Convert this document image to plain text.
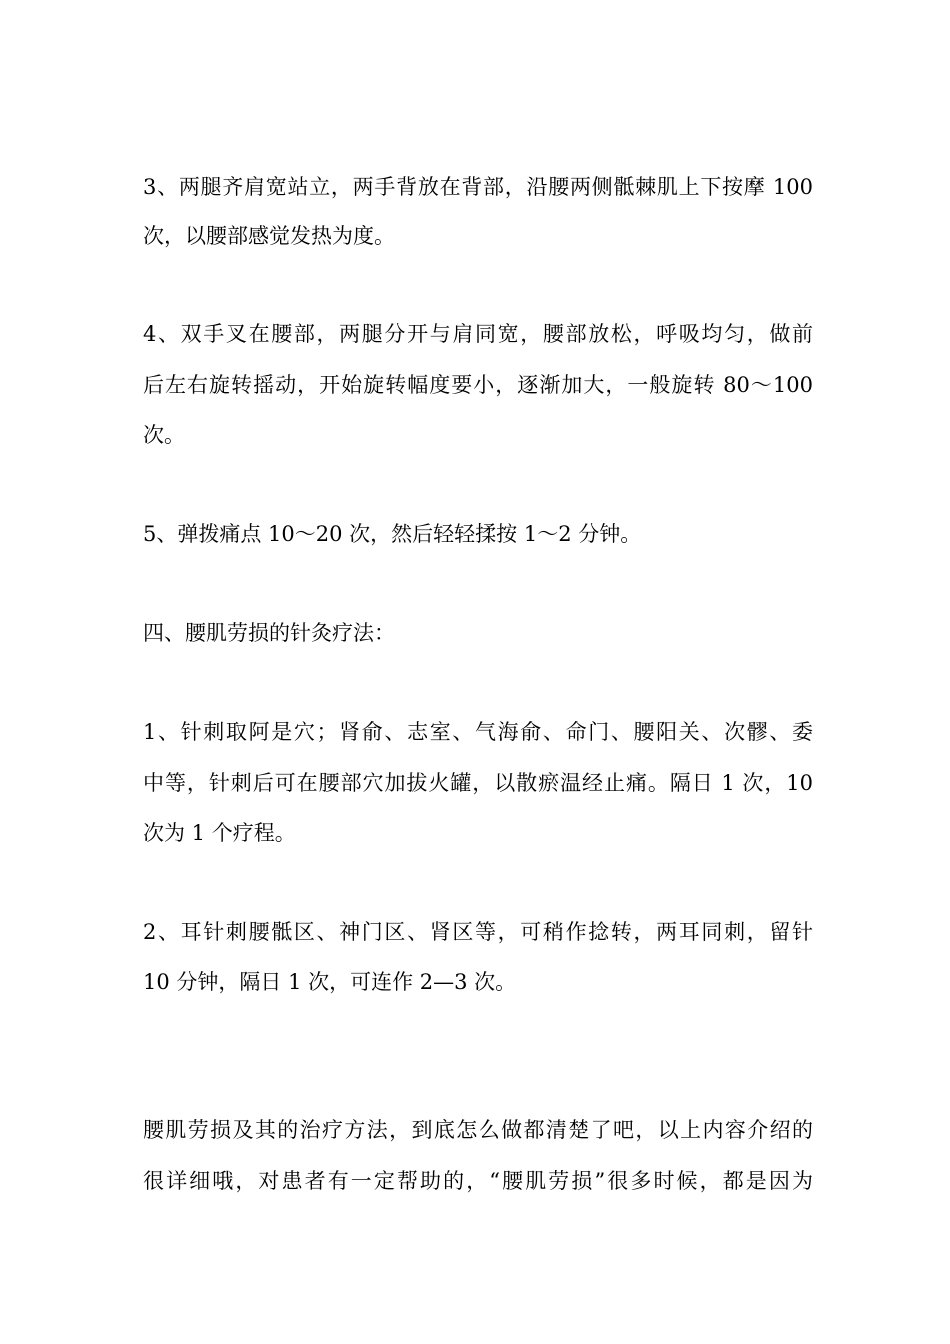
3、两腿齐肩宽站立，两手背放在背部，沿腰两侧骶棘肌上下按摩 100

次，以腰部感觉发热为度。

4、双手叉在腰部，两腿分开与肩同宽，腰部放松，呼吸均匀，做前

后左右旋转摇动，开始旋转幅度要小，逐渐加大，一般旋转 80～100

次。

5、弹拨痛点 10～20 次，然后轻轻揉按 1～2 分钟。

四、腰肌劳损的针灸疗法：

1、针刺取阿是穴；肾俞、志室、气海俞、命门、腰阳关、次髎、委

中等，针刺后可在腰部穴加拔火罐，以散瘀温经止痛。隔日 1 次，10

次为 1 个疗程。

2、耳针刺腰骶区、神门区、肾区等，可稍作捻转，两耳同刺，留针

10 分钟，隔日 1 次，可连作 2—3 次。

腰肌劳损及其的治疗方法，到底怎么做都清楚了吧，以上内容介绍的

很详细哦，对患者有一定帮助的，“腰肌劳损”很多时候，都是因为
